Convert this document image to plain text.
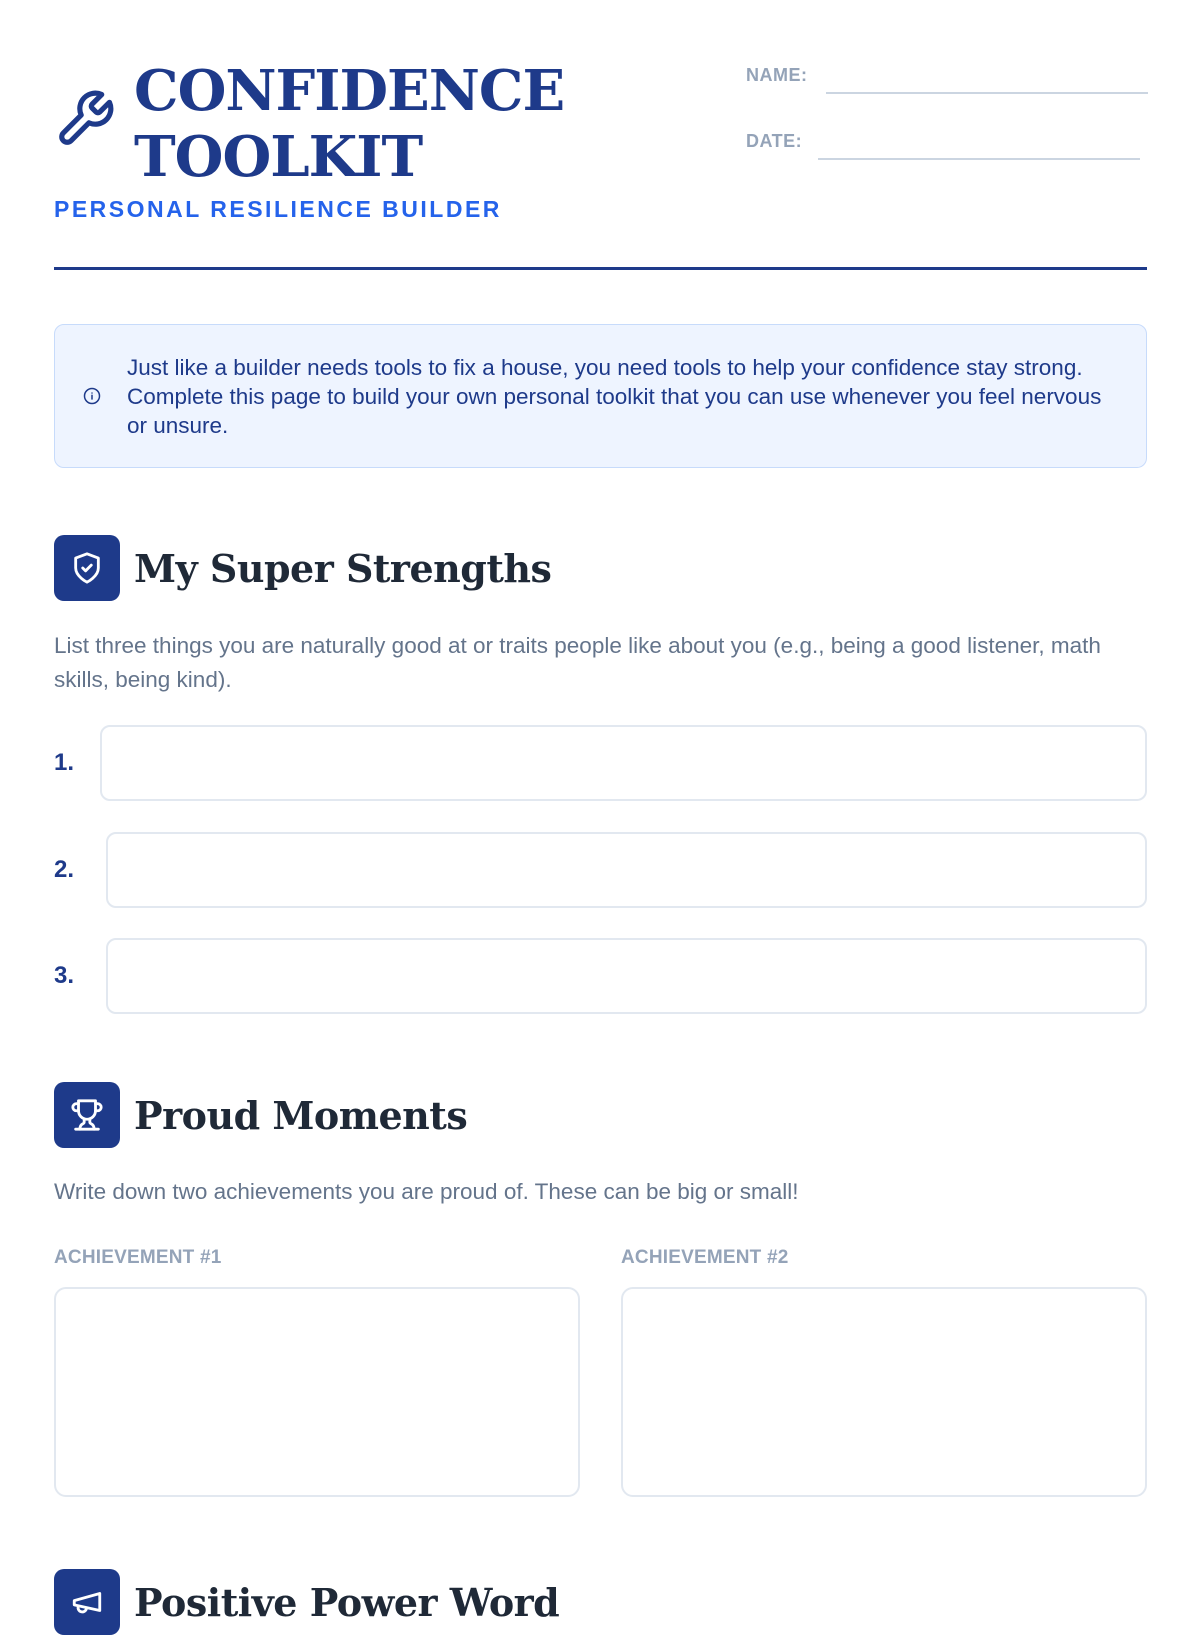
CONFIDENCE
TOOLKIT
PERSONAL RESILIENCE BUILDER
NAME:
DATE:

Just like a builder needs tools to fix a house, you need tools to help your confidence stay strong. Complete this page to build your own personal toolkit that you can use whenever you feel nervous or unsure.

My Super Strengths

List three things you are naturally good at or traits people like about you (e.g., being a good listener, math skills, being kind).

1.
2.
3.
Proud Moments

Write down two achievements you are proud of. These can be big or small!

ACHIEVEMENT #1	ACHIEVEMENT #2
Positive Power Word
